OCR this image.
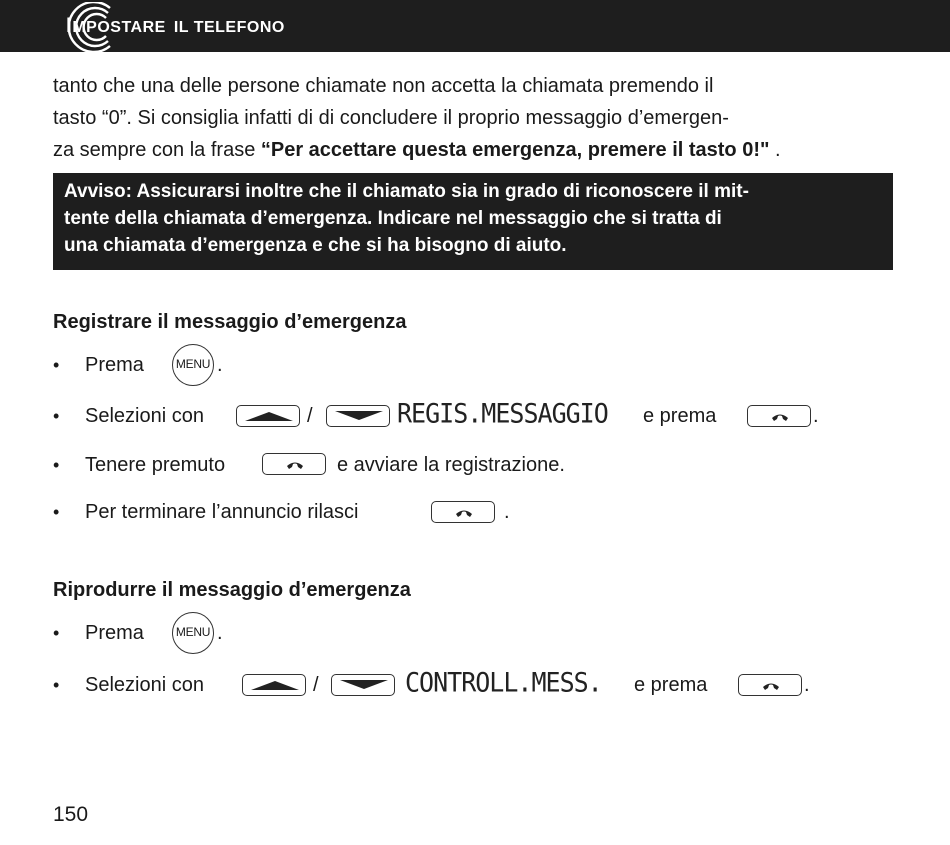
IMPOSTARE IL TELEFONO

tanto che una delle persone chiamate non accetta la chiamata premendo il

tasto “0”. Si consiglia infatti di di concludere il proprio messaggio d’emergen-

za sempre con la frase “Per accettare questa emergenza, premere il tasto 0!" .

Avviso: Assicurarsi inoltre che il chiamato sia in grado di riconoscere il mit-
tente della chiamata d’emergenza. Indicare nel messaggio che si tratta di
una chiamata d’emergenza e che si ha bisogno di aiuto.

Registrare il messaggio d’emergenza

• Prema	MENU .
• Selezioni con	/	REGIS.MESSAGGIO e prema	.
• Tenere premuto	e avviare la registrazione.
• Per terminare l’annuncio rilasci	.

Riprodurre il messaggio d’emergenza

• Prema	MENU .
• Selezioni con	/	CONTROLL.MESS. e prema	.

150
